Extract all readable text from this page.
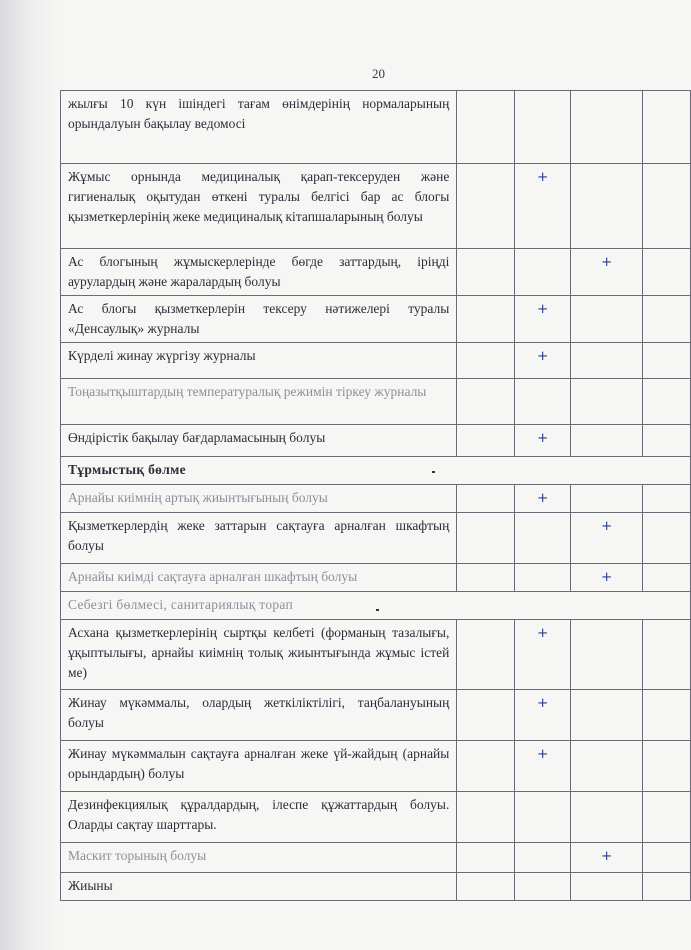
20
жылғы 10 күн ішіндегі тағам өнімдерінің нормаларының орындалуын бақылау ведомосі				
Жұмыс орнында медициналық қарап-тексеруден және гигиеналық оқытудан өткені туралы белгісі бар ас блогы қызметкерлерінің жеке медициналық кітапшаларының болуы		+		
Ас блогының жұмыскерлерінде бөгде заттардың, іріңді аурулардың және жаралардың болуы			+	
Ас блогы қызметкерлерін тексеру нәтижелері туралы «Денсаулық» журналы		+		
Күрделі жинау жүргізу журналы		+		
Тоңазытқыштардың температуралық режимін тіркеу журналы				
Өндірістік бақылау бағдарламасының болуы		+		
Тұрмыстық бөлме				
Арнайы киімнің артық жиынтығының болуы		+		
Қызметкерлердің жеке заттарын сақтауға арналған шкафтың болуы			+	
Арнайы киімді сақтауға арналған шкафтың болуы			+	
Себезгі бөлмесі, санитариялық торап				
Асхана қызметкерлерінің сыртқы келбеті (форманың тазалығы, ұқыптылығы, арнайы киімнің толық жиынтығында жұмыс істей ме)		+		
Жинау мүкәммалы, олардың жеткіліктілігі, таңбалануының болуы		+		
Жинау мүкәммалын сақтауға арналған жеке үй-жайдың (арнайы орындардың) болуы		+		
Дезинфекциялық құралдардың, ілеспе құжаттардың болуы. Оларды сақтау шарттары.				
Маскит торының болуы			+	
Жиыны				
